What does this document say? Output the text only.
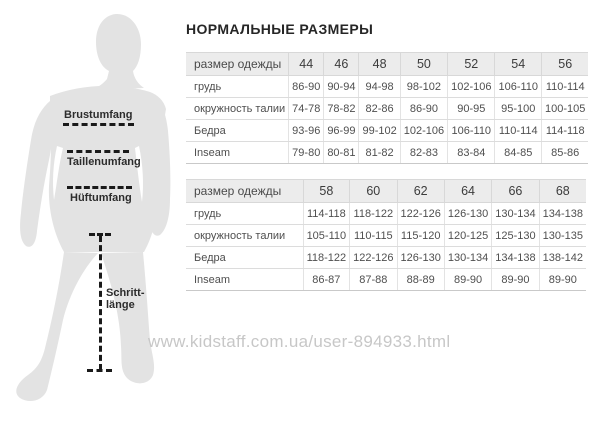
Brustumfang
Taillenumfang
Hüftumfang
Schritt-
länge
НОРМАЛЬНЫЕ РАЗМЕРЫ
размер одежды	44	46	48	50	52	54	56
грудь	86-90	90-94	94-98	98-102	102-106	106-110	110-114
окружность талии	74-78	78-82	82-86	86-90	90-95	95-100	100-105
Бедра	93-96	96-99	99-102	102-106	106-110	110-114	114-118
Inseam	79-80	80-81	81-82	82-83	83-84	84-85	85-86
размер одежды	58	60	62	64	66	68
грудь	114-118	118-122	122-126	126-130	130-134	134-138
окружность талии	105-110	110-115	115-120	120-125	125-130	130-135
Бедра	118-122	122-126	126-130	130-134	134-138	138-142
Inseam	86-87	87-88	88-89	89-90	89-90	89-90
www.kidstaff.com.ua/user-894933.html
